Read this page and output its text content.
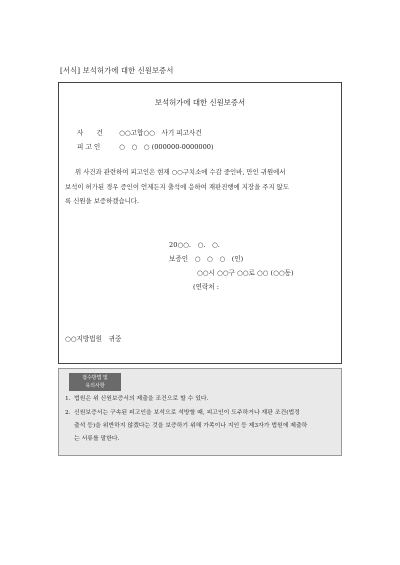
[서식] 보석허가에 대한 신원보증서
보석허가에 대한 신원보증서
사　　건 ○○고합○○　사기 피고사건
피 고 인	○　○　○ (000000-0000000)
위 사건과 관련하여 피고인은 현재 ○○구치소에 수감 중인바, 만인 귀원에서
보석이 허가된 경우 증인이 언제든지 출석에 응하여 재판진행에 지장을 주지 않도
록 신원을 보증하겠습니다.
20○○.　○.　○.
보증인　○　○　○　(인)
○○시 ○○구 ○○로 ○○ (○○동)
(연락처 :
○○지방법원　귀중
접수방법 및
유의사항
1. 법원은 위 신원보증서의 제출을 조건으로 할 수 있다.
2. 신원보증서는 구속된 피고인을 보석으로 석방할 때, 피고인이 도주하거나 재판 조건(법정
출석 등)을 위반하지 않겠다는 것을 보증하기 위해 가족이나 지인 등 제3자가 법원에 제출하
는 서류를 말한다.
